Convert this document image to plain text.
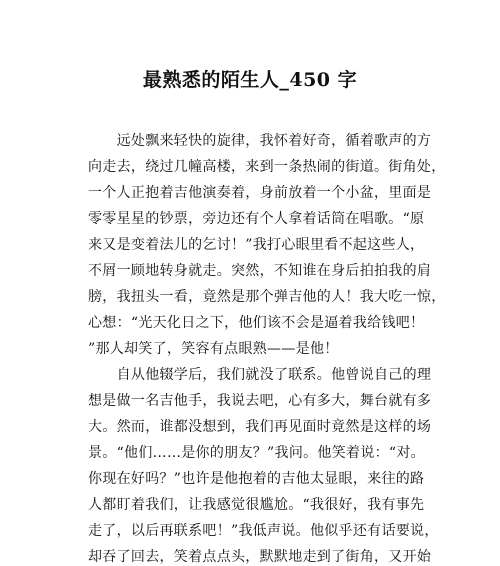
最熟悉的陌生人_450 字
　　远处飘来轻快的旋律，我怀着好奇，循着歌声的方
向走去，绕过几幢高楼，来到一条热闹的街道。街角处，
一个人正抱着吉他演奏着，身前放着一个小盆，里面是
零零星星的钞票，旁边还有个人拿着话筒在唱歌。“原
来又是变着法儿的乞讨！”我打心眼里看不起这些人，
不屑一顾地转身就走。突然，不知谁在身后拍拍我的肩
膀，我扭头一看，竟然是那个弹吉他的人！我大吃一惊，
心想：“光天化日之下，他们该不会是逼着我给钱吧！
”那人却笑了，笑容有点眼熟——是他！
　　自从他辍学后，我们就没了联系。他曾说自己的理
想是做一名吉他手，我说去吧，心有多大，舞台就有多
大。然而，谁都没想到，我们再见面时竟然是这样的场
景。“他们……是你的朋友？”我问。他笑着说：“对。
你现在好吗？”也许是他抱着的吉他太显眼，来往的路
人都盯着我们，让我感觉很尴尬。“我很好，我有事先
走了，以后再联系吧！”我低声说。他似乎还有话要说，
却吞了回去，笑着点点头，默默地走到了街角，又开始
